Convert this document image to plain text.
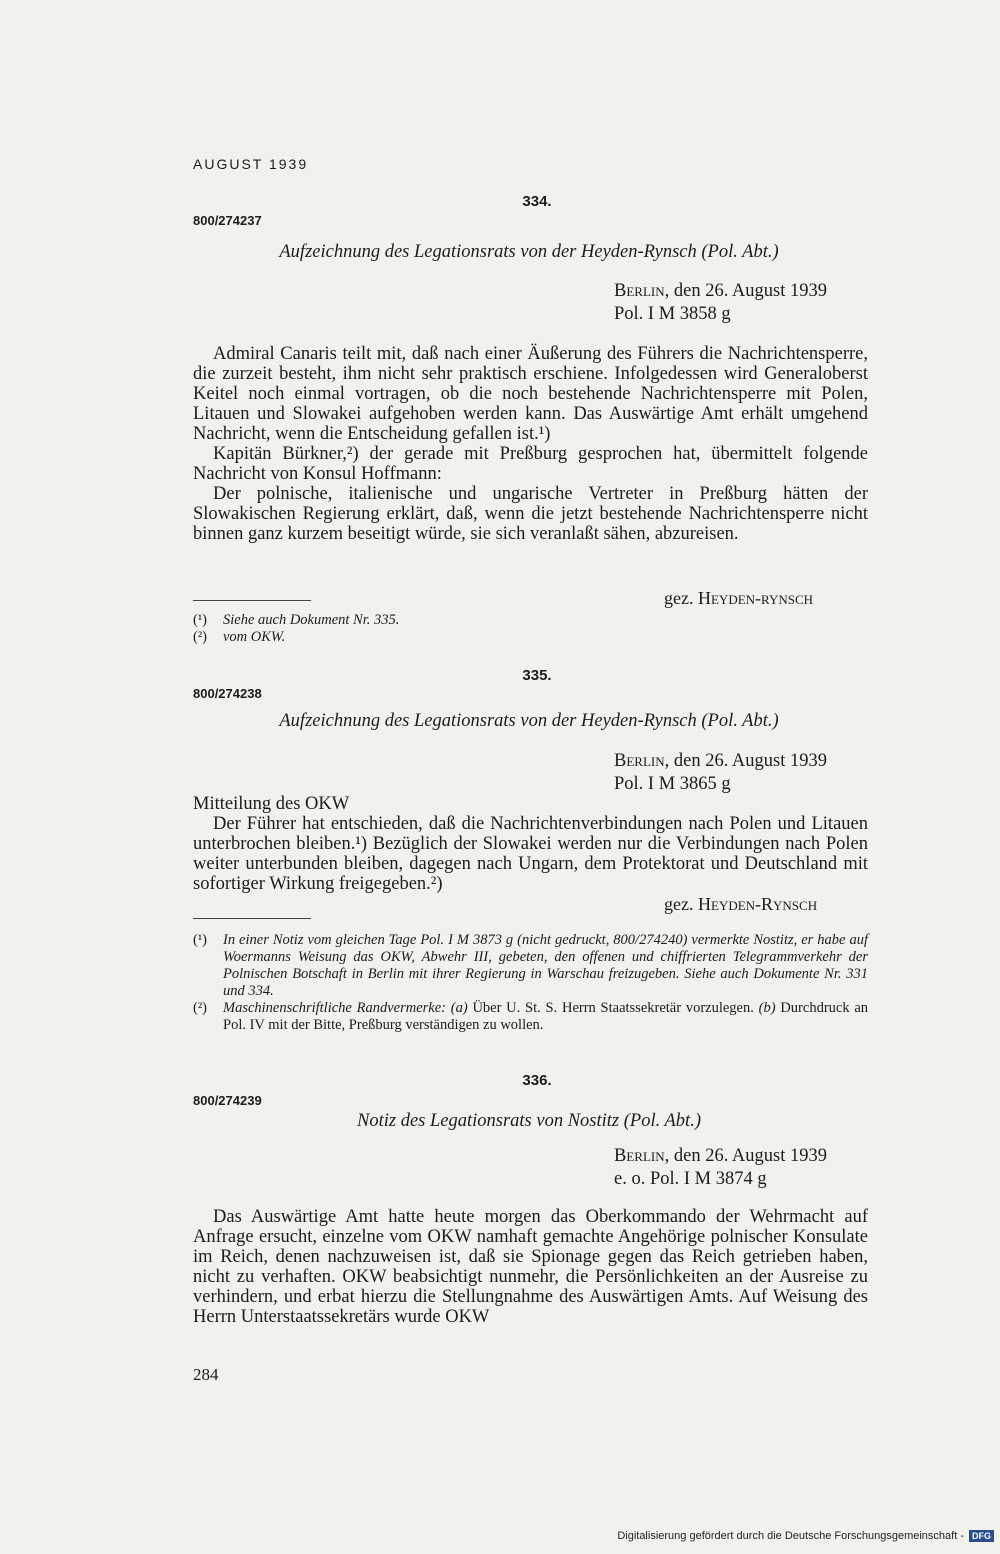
AUGUST 1939
334.
800/274237
Aufzeichnung des Legationsrats von der Heyden-Rynsch (Pol. Abt.)
Berlin, den 26. August 1939
Pol. I M 3858 g

Admiral Canaris teilt mit, daß nach einer Äußerung des Führers die Nachrichtensperre, die zurzeit besteht, ihm nicht sehr praktisch erschiene. Infolgedessen wird Generaloberst Keitel noch einmal vortragen, ob die noch bestehende Nachrichtensperre mit Polen, Litauen und Slowakei aufgehoben werden kann. Das Auswärtige Amt erhält umgehend Nachricht, wenn die Entscheidung gefallen ist.¹)

Kapitän Bürkner,²) der gerade mit Preßburg gesprochen hat, übermittelt folgende Nachricht von Konsul Hoffmann:

Der polnische, italienische und ungarische Vertreter in Preßburg hätten der Slowakischen Regierung erklärt, daß, wenn die jetzt bestehende Nachrichtensperre nicht binnen ganz kurzem beseitigt würde, sie sich veranlaßt sähen, abzureisen.

gez. Heyden-rynsch
(¹)	Siehe auch Dokument Nr. 335.
(²)	vom OKW.
335.
800/274238
Aufzeichnung des Legationsrats von der Heyden-Rynsch (Pol. Abt.)
Berlin, den 26. August 1939
Pol. I M 3865 g

Mitteilung des OKW

Der Führer hat entschieden, daß die Nachrichtenverbindungen nach Polen und Litauen unterbrochen bleiben.¹) Bezüglich der Slowakei werden nur die Verbindungen nach Polen weiter unterbunden bleiben, dagegen nach Ungarn, dem Protektorat und Deutschland mit sofortiger Wirkung freigegeben.²)

gez. Heyden-Rynsch
(¹)	In einer Notiz vom gleichen Tage Pol. I M 3873 g (nicht gedruckt, 800/274240) vermerkte Nostitz, er habe auf Woermanns Weisung das OKW, Abwehr III, gebeten, den offenen und chiffrierten Telegrammverkehr der Polnischen Botschaft in Berlin mit ihrer Regierung in Warschau freizugeben. Siehe auch Dokumente Nr. 331 und 334.
(²)	Maschinenschriftliche Randvermerke: (a) Über U. St. S. Herrn Staatssekretär vorzulegen. (b) Durchdruck an Pol. IV mit der Bitte, Preßburg verständigen zu wollen.
336.
800/274239
Notiz des Legationsrats von Nostitz (Pol. Abt.)
Berlin, den 26. August 1939
e. o. Pol. I M 3874 g

Das Auswärtige Amt hatte heute morgen das Oberkommando der Wehrmacht auf Anfrage ersucht, einzelne vom OKW namhaft gemachte Angehörige polnischer Konsulate im Reich, denen nachzuweisen ist, daß sie Spionage gegen das Reich getrieben haben, nicht zu verhaften. OKW beabsichtigt nunmehr, die Persönlichkeiten an der Ausreise zu verhindern, und erbat hierzu die Stellungnahme des Auswärtigen Amts. Auf Weisung des Herrn Unterstaatssekretärs wurde OKW

284
Digitalisierung gefördert durch die Deutsche Forschungsgemeinschaft - DFG
